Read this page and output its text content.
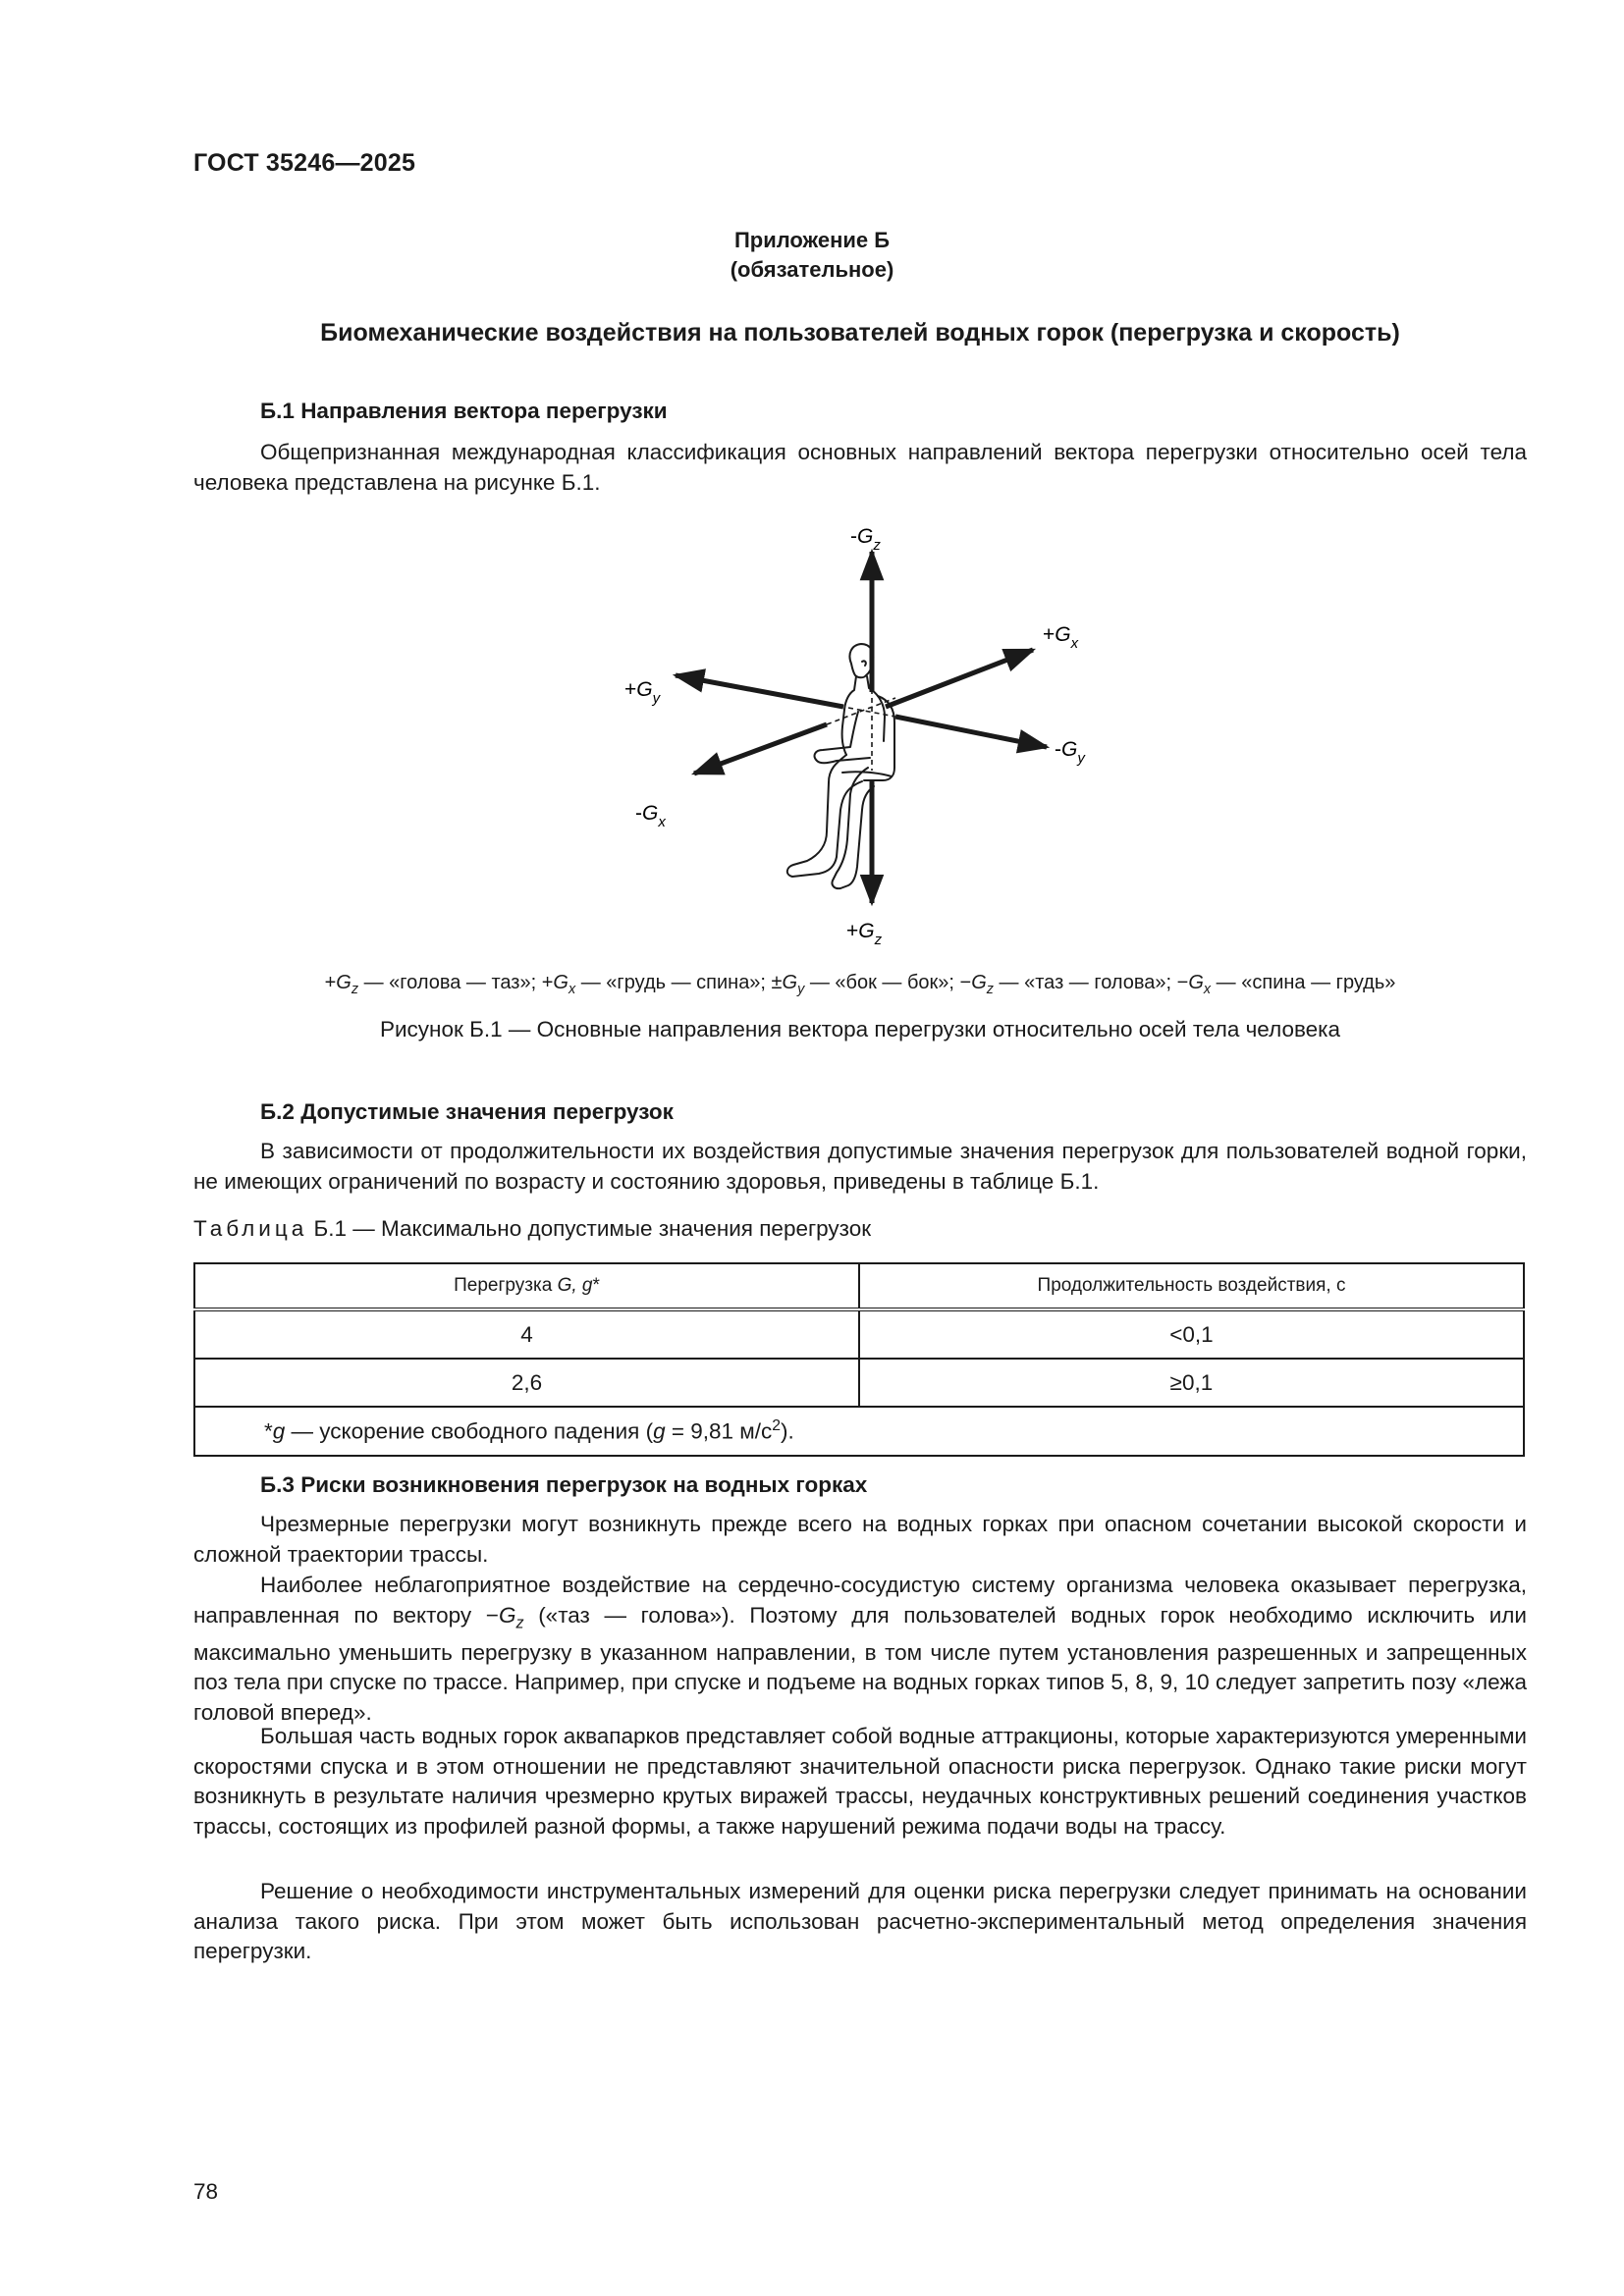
ГОСТ 35246—2025
Приложение Б
(обязательное)
Биомеханические воздействия на пользователей водных горок (перегрузка и скорость)
Б.1 Направления вектора перегрузки
Общепризнанная международная классификация основных направлений вектора перегрузки относительно осей тела человека представлена на рисунке Б.1.
$-G_z$
$+G_z$
$+G_x$
$-G_x$
$+G_y$
$-G_y$
$+G_z$ — «голова — таз»; $+G_x$ — «грудь — спина»; $\pm G_y$ — «бок — бок»; $-G_z$ — «таз — голова»; $-G_x$ — «спина — грудь»
Рисунок Б.1 — Основные направления вектора перегрузки относительно осей тела человека
Б.2 Допустимые значения перегрузок
В зависимости от продолжительности их воздействия допустимые значения перегрузок для пользователей водной горки, не имеющих ограничений по возрасту и состоянию здоровья, приведены в таблице Б.1.
Таблица Б.1 — Максимально допустимые значения перегрузок
Перегрузка G, g*	Продолжительность воздействия, с
4	<0,1
2,6	≥0,1
*g — ускорение свободного падения (g = 9,81 $м/с^2$).	
Б.3 Риски возникновения перегрузок на водных горках
Чрезмерные перегрузки могут возникнуть прежде всего на водных горках при опасном сочетании высокой скорости и сложной траектории трассы.
Наиболее неблагоприятное воздействие на сердечно-сосудистую систему организма человека оказывает перегрузка, направленная по вектору $-G_z$ («таз — голова»). Поэтому для пользователей водных горок необходимо исключить или максимально уменьшить перегрузку в указанном направлении, в том числе путем установления разрешенных и запрещенных поз тела при спуске по трассе. Например, при спуске и подъеме на водных горках типов 5, 8, 9, 10 следует запретить позу «лежа головой вперед».
Большая часть водных горок аквапарков представляет собой водные аттракционы, которые характеризуются умеренными скоростями спуска и в этом отношении не представляют значительной опасности риска перегрузок. Однако такие риски могут возникнуть в результате наличия чрезмерно крутых виражей трассы, неудачных конструктивных решений соединения участков трассы, состоящих из профилей разной формы, а также нарушений режима подачи воды на трассу.
Решение о необходимости инструментальных измерений для оценки риска перегрузки следует принимать на основании анализа такого риска. При этом может быть использован расчетно-экспериментальный метод определения значения перегрузки.
78
